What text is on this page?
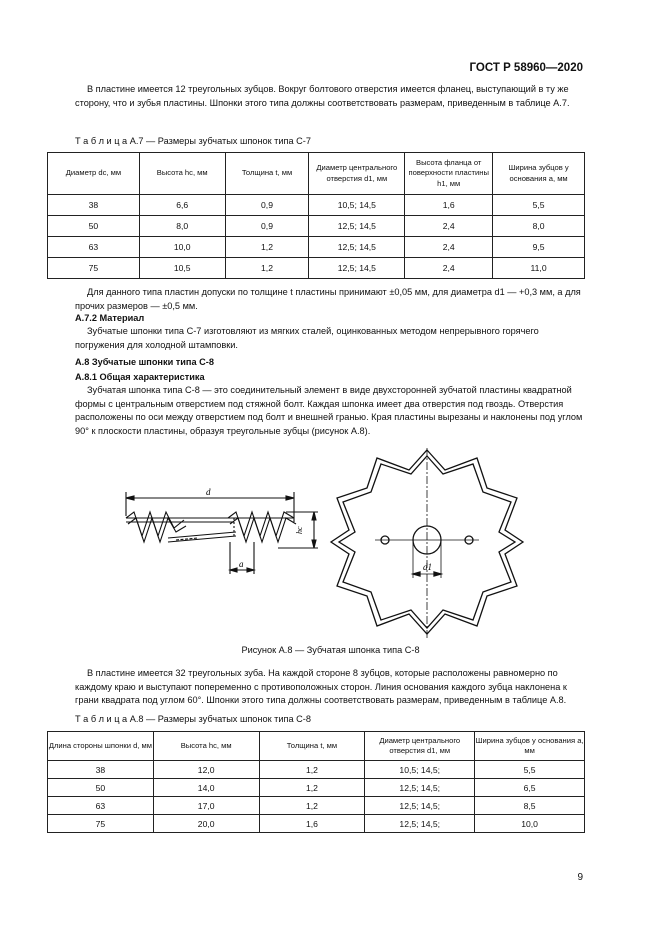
ГОСТ Р 58960—2020
В пластине имеется 12 треугольных зубцов. Вокруг болтового отверстия имеется фланец, выступающий в ту же сторону, что и зубья пластины. Шпонки этого типа должны соответствовать размерам, приведенным в таблице А.7.
Т а б л и ц а А.7 — Размеры зубчатых шпонок типа С-7
Диаметр dc, мм	Высота hc, мм	Толщина t, мм	Диаметр центрального отверстия d1, мм	Высота фланца от поверхности пластины h1, мм	Ширина зубцов у основания a, мм
38	6,6	0,9	10,5; 14,5	1,6	5,5
50	8,0	0,9	12,5; 14,5	2,4	8,0
63	10,0	1,2	12,5; 14,5	2,4	9,5
75	10,5	1,2	12,5; 14,5	2,4	11,0
Для данного типа пластин допуски по толщине t пластины принимают ±0,05 мм, для диаметра d1 — +0,3 мм, а для прочих размеров — ±0,5 мм.
А.7.2 Материал
Зубчатые шпонки типа С-7 изготовляют из мягких сталей, оцинкованных методом непрерывного горячего погружения для холодной штамповки.
А.8 Зубчатые шпонки типа С-8
А.8.1 Общая характеристика
Зубчатая шпонка типа С-8 — это соединительный элемент в виде двухсторонней зубчатой пластины квадратной формы с центральным отверстием под стяжной болт. Каждая шпонка имеет два отверстия под гвоздь. Отверстия расположены по оси между отверстием под болт и внешней гранью. Края пластины вырезаны и наклонены под углом 90° к плоскости пластины, образуя треугольные зубцы (рисунок А.8).
d
hc
a	d1
Рисунок А.8 — Зубчатая шпонка типа С-8
В пластине имеется 32 треугольных зуба. На каждой стороне 8 зубцов, которые расположены равномерно по каждому краю и выступают попеременно с противоположных сторон. Линия основания каждого зубца наклонена к грани квадрата под углом 60°. Шпонки этого типа должны соответствовать размерам, приведенным в таблице А.8.
Т а б л и ц а А.8 — Размеры зубчатых шпонок типа С-8
Длина стороны шпонки d, мм	Высота hc, мм	Толщина t, мм	Диаметр центрального отверстия d1, мм	Ширина зубцов у основания a, мм
38	12,0	1,2	10,5; 14,5;	5,5
50	14,0	1,2	12,5; 14,5;	6,5
63	17,0	1,2	12,5; 14,5;	8,5
75	20,0	1,6	12,5; 14,5;	10,0
9
